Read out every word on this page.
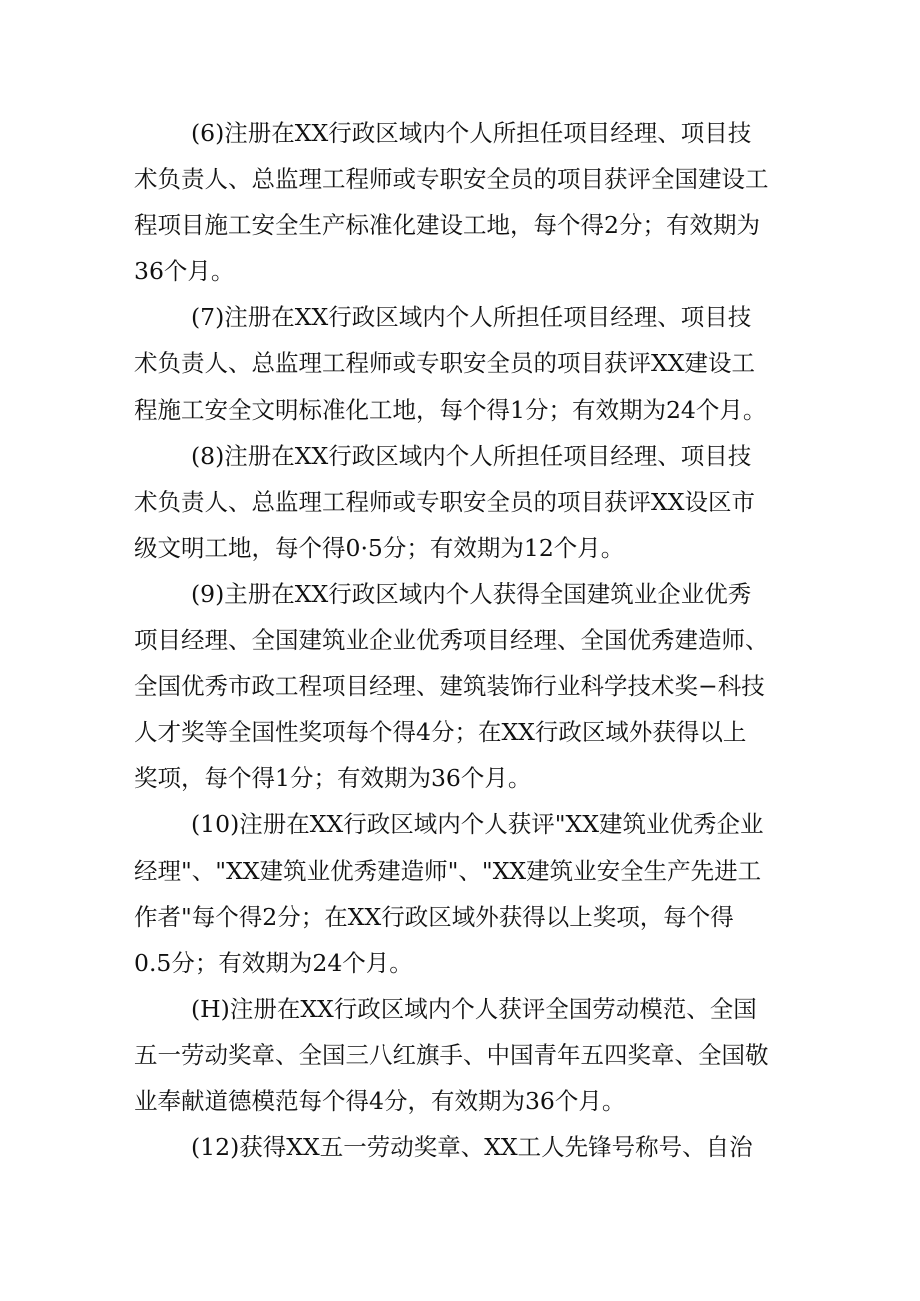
(6)注册在XX行政区域内个人所担任项目经理、项目技
术负责人、总监理工程师或专职安全员的项目获评全国建设工
程项目施工安全生产标准化建设工地，每个得2分；有效期为
36个月。
(7)注册在XX行政区域内个人所担任项目经理、项目技
术负责人、总监理工程师或专职安全员的项目获评XX建设工
程施工安全文明标准化工地，每个得1分；有效期为24个月。
(8)注册在XX行政区域内个人所担任项目经理、项目技
术负责人、总监理工程师或专职安全员的项目获评XX设区市
级文明工地，每个得0·5分；有效期为12个月。
(9)主册在XX行政区域内个人获得全国建筑业企业优秀
项目经理、全国建筑业企业优秀项目经理、全国优秀建造师、
全国优秀市政工程项目经理、建筑装饰行业科学技术奖−科技
人才奖等全国性奖项每个得4分；在XX行政区域外获得以上
奖项，每个得1分；有效期为36个月。
(10)注册在XX行政区域内个人获评"XX建筑业优秀企业
经理"、"XX建筑业优秀建造师"、"XX建筑业安全生产先进工
作者"每个得2分；在XX行政区域外获得以上奖项，每个得
0.5分；有效期为24个月。
(H)注册在XX行政区域内个人获评全国劳动模范、全国
五一劳动奖章、全国三八红旗手、中国青年五四奖章、全国敬
业奉献道德模范每个得4分，有效期为36个月。
(12)获得XX五一劳动奖章、XX工人先锋号称号、自治
